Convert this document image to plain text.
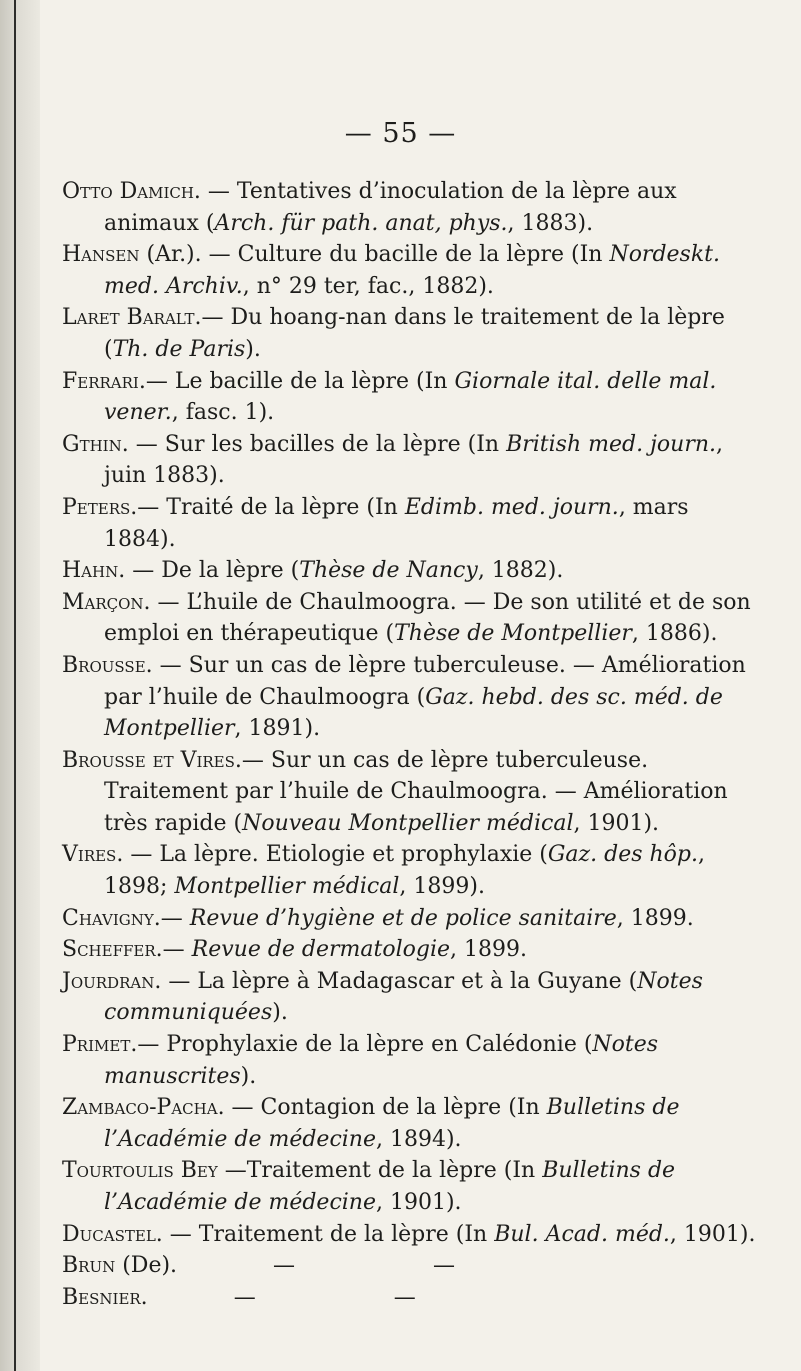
— 55 —

Otto Damich. — Tentatives d’inoculation de la lèpre aux animaux (Arch. für path. anat, phys., 1883).

Hansen (Ar.). — Culture du bacille de la lèpre (In Nordeskt. med. Archiv., n° 29 ter, fac., 1882).

Laret Baralt.— Du hoang-nan dans le traitement de la lèpre (Th. de Paris).

Ferrari.— Le bacille de la lèpre (In Giornale ital. delle mal. vener., fasc. 1).

Gthin. — Sur les bacilles de la lèpre (In British med. journ., juin 1883).

Peters.— Traité de la lèpre (In Edimb. med. journ., mars 1884).

Hahn. — De la lèpre (Thèse de Nancy, 1882).

Marçon. — L’huile de Chaulmoogra. — De son utilité et de son emploi en thérapeutique (Thèse de Montpellier, 1886).

Brousse. — Sur un cas de lèpre tuberculeuse. — Amélioration par l’huile de Chaulmoogra (Gaz. hebd. des sc. méd. de Montpellier, 1891).

Brousse et Vires.— Sur un cas de lèpre tuberculeuse. Traitement par l’huile de Chaulmoogra. — Amélioration très rapide (Nouveau Montpellier médical, 1901).

Vires. — La lèpre. Etiologie et prophylaxie (Gaz. des hôp., 1898; Montpellier médical, 1899).

Chavigny.— Revue d’hygiène et de police sanitaire, 1899.

Scheffer.— Revue de dermatologie, 1899.

Jourdran. — La lèpre à Madagascar et à la Guyane (Notes communiquées).

Primet.— Prophylaxie de la lèpre en Calédonie (Notes manuscrites).

Zambaco-Pacha. — Contagion de la lèpre (In Bulletins de l’Académie de médecine, 1894).

Tourtoulis Bey —Traitement de la lèpre (In Bulletins de l’Académie de médecine, 1901).

Ducastel. — Traitement de la lèpre (In Bul. Acad. méd., 1901).

Brun (De).	—	—

Besnier.	—	—
